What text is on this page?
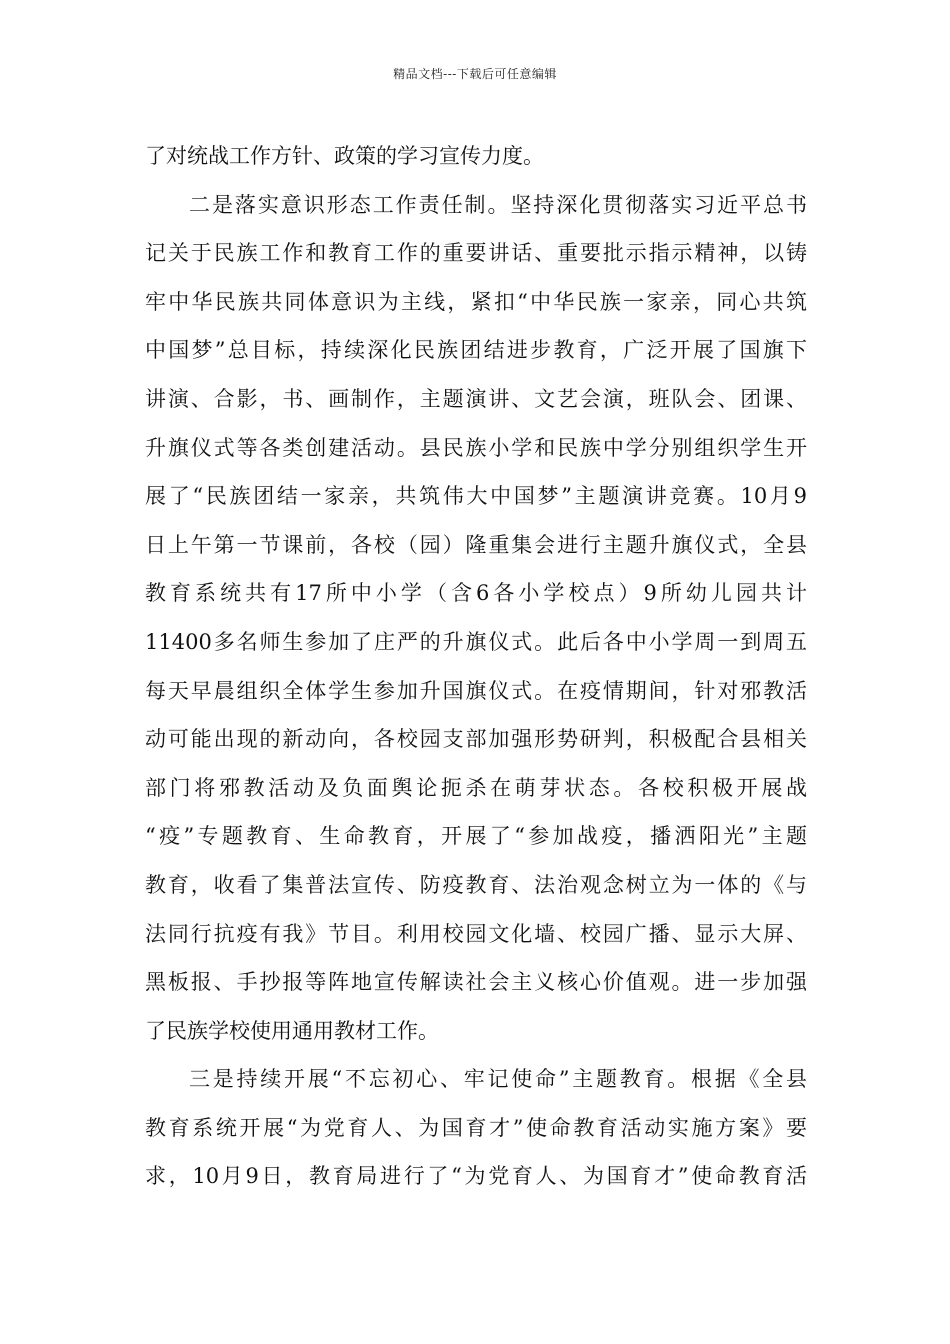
精品文档---下载后可任意编辑
了对统战工作方针、政策的学习宣传力度。
二是落实意识形态工作责任制。坚持深化贯彻落实习近平总书
记关于民族工作和教育工作的重要讲话、重要批示指示精神，以铸
牢中华民族共同体意识为主线，紧扣“中华民族一家亲，同心共筑
中国梦”总目标，持续深化民族团结进步教育，广泛开展了国旗下
讲演、合影，书、画制作，主题演讲、文艺会演，班队会、团课、
升旗仪式等各类创建活动。县民族小学和民族中学分别组织学生开
展了“民族团结一家亲，共筑伟大中国梦”主题演讲竞赛。10月9
日上午第一节课前，各校（园）隆重集会进行主题升旗仪式，全县
教育系统共有17所中小学（含6各小学校点）9所幼儿园共计
11400多名师生参加了庄严的升旗仪式。此后各中小学周一到周五
每天早晨组织全体学生参加升国旗仪式。在疫情期间，针对邪教活
动可能出现的新动向，各校园支部加强形势研判，积极配合县相关
部门将邪教活动及负面舆论扼杀在萌芽状态。各校积极开展战
“疫”专题教育、生命教育，开展了“参加战疫，播洒阳光”主题
教育，收看了集普法宣传、防疫教育、法治观念树立为一体的《与
法同行抗疫有我》节目。利用校园文化墙、校园广播、显示大屏、
黑板报、手抄报等阵地宣传解读社会主义核心价值观。进一步加强
了民族学校使用通用教材工作。
三是持续开展“不忘初心、牢记使命”主题教育。根据《全县
教育系统开展“为党育人、为国育才”使命教育活动实施方案》要
求，10月9日，教育局进行了“为党育人、为国育才”使命教育活
